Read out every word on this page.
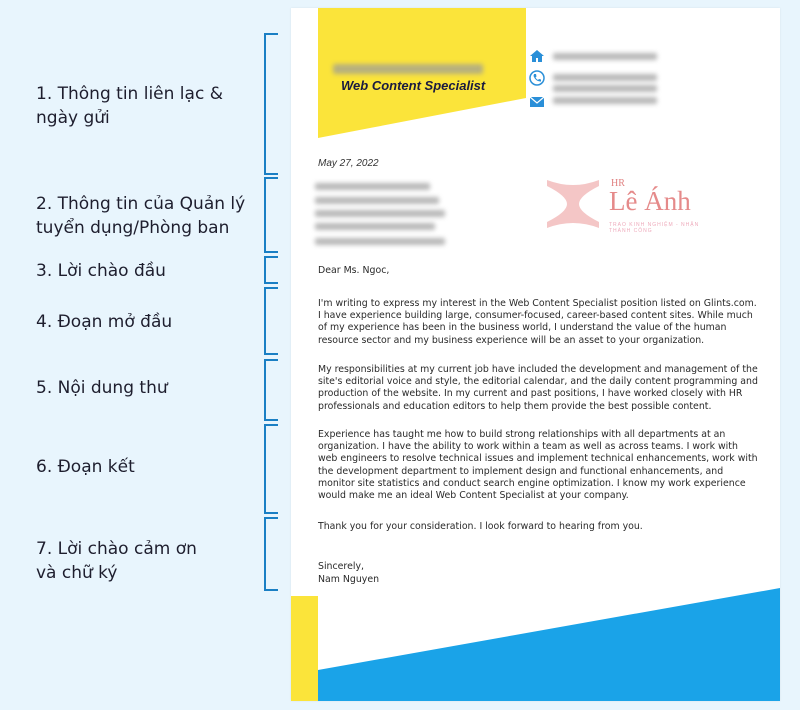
1. Thông tin liên lạc &
ngày gửi
2. Thông tin của Quản lý
tuyển dụng/Phòng ban
3. Lời chào đầu
4. Đoạn mở đầu
5. Nội dung thư
6. Đoạn kết
7. Lời chào cảm ơn
và chữ ký
Web Content Specialist
May 27, 2022
HR
Lê Ánh
TRAO KINH NGHIỆM - NHẬN THÀNH CÔNG
Dear Ms. Ngoc,
I'm writing to express my interest in the Web Content Specialist position listed on Glints.com. I have experience building large, consumer-focused, career-based content sites. While much of my experience has been in the business world, I understand the value of the human resource sector and my business experience will be an asset to your organization.
My responsibilities at my current job have included the development and management of the site's editorial voice and style, the editorial calendar, and the daily content programming and production of the website. In my current and past positions, I have worked closely with HR professionals and education editors to help them provide the best possible content.
Experience has taught me how to build strong relationships with all departments at an organization. I have the ability to work within a team as well as across teams. I work with web engineers to resolve technical issues and implement technical enhancements, work with the development department to implement design and functional enhancements, and monitor site statistics and conduct search engine optimization. I know my work experience would make me an ideal Web Content Specialist at your company.
Thank you for your consideration. I look forward to hearing from you.
Sincerely,
Nam Nguyen
